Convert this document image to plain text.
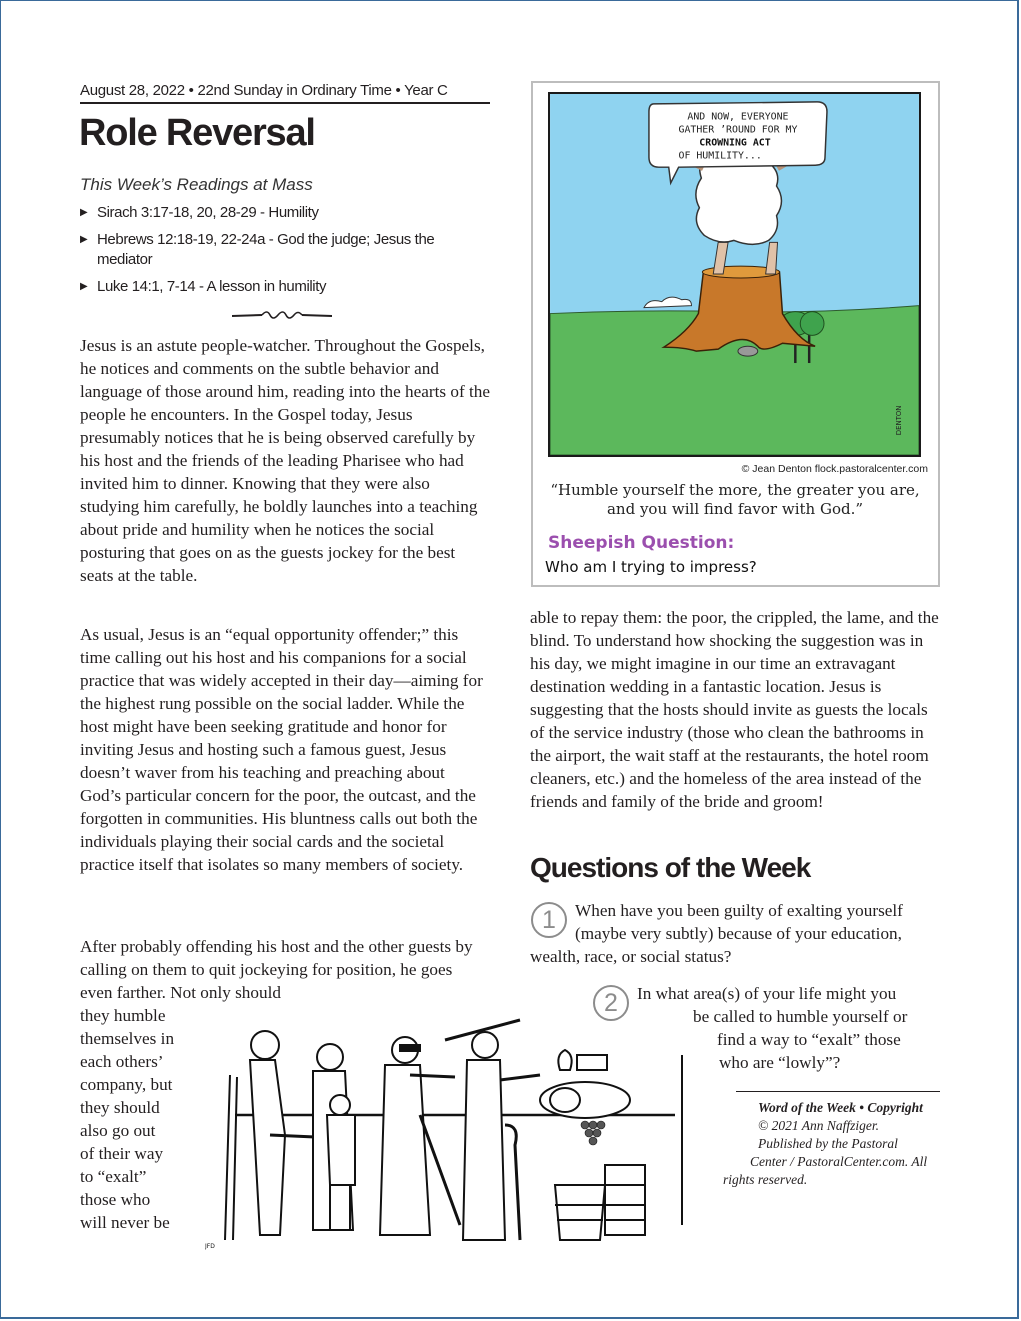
August 28, 2022 • 22nd Sunday in Ordinary Time • Year C
Role Reversal
This Week’s Readings at Mass
▶ Sirach 3:17-18, 20, 28-29 - Humility
▶ Hebrews 12:18-19, 22-24a - God the judge; Jesus the mediator
▶ Luke 14:1, 7-14 - A lesson in humility

Jesus is an astute people-watcher. Throughout the Gospels, he notices and comments on the subtle behavior and language of those around him, reading into the hearts of the people he encounters. In the Gospel today, Jesus presumably notices that he is being observed carefully by his host and the friends of the leading Pharisee who had invited him to dinner. Knowing that they were also studying him carefully, he boldly launches into a teaching about pride and humility when he notices the social posturing that goes on as the guests jockey for the best seats at the table.

As usual, Jesus is an “equal opportunity offender;” this time calling out his host and his companions for a social practice that was widely accepted in their day—aiming for the highest rung possible on the social ladder. While the host might have been seeking gratitude and honor for inviting Jesus and hosting such a famous guest, Jesus doesn’t waver from his teaching and preaching about God’s particular concern for the poor, the outcast, and the forgotten in communities. His bluntness calls out both the individuals playing their social cards and the societal practice itself that isolates so many members of society.

After probably offending his host and the other guests by calling on them to quit jockeying for position, he goes even farther. Not only should

they humble
themselves in
each others’
company, but
they should
also go out
of their way
to “exalt”
those who
will never be
AND NOW, EVERYONE
GATHER ’ROUND FOR MY
CROWNING ACT
OF HUMILITY...
DENTON
© Jean Denton flock.pastoralcenter.com
“Humble yourself the more, the greater you are, and you will find favor with God.”
Sheepish Question:
Who am I trying to impress?

able to repay them: the poor, the crippled, the lame, and the blind. To understand how shocking the suggestion was in his day, we might imagine in our time an extravagant destination wedding in a fantastic location. Jesus is suggesting that the hosts should invite as guests the locals of the service industry (those who clean the bathrooms in the airport, the wait staff at the restaurants, the hotel room cleaners, etc.) and the homeless of the area instead of the friends and family of the bride and groom!

Questions of the Week
1	When have you been guilty of exalting yourself
(maybe very subtly) because of your education,
wealth, race, or social status?
2	In what area(s) of your life might you
be called to humble yourself or
find a way to “exalt” those
who are “lowly”?
Word of the Week • Copyright
© 2021 Ann Naffziger.
Published by the Pastoral
Center / PastoralCenter.com. All
rights reserved.
JFD
